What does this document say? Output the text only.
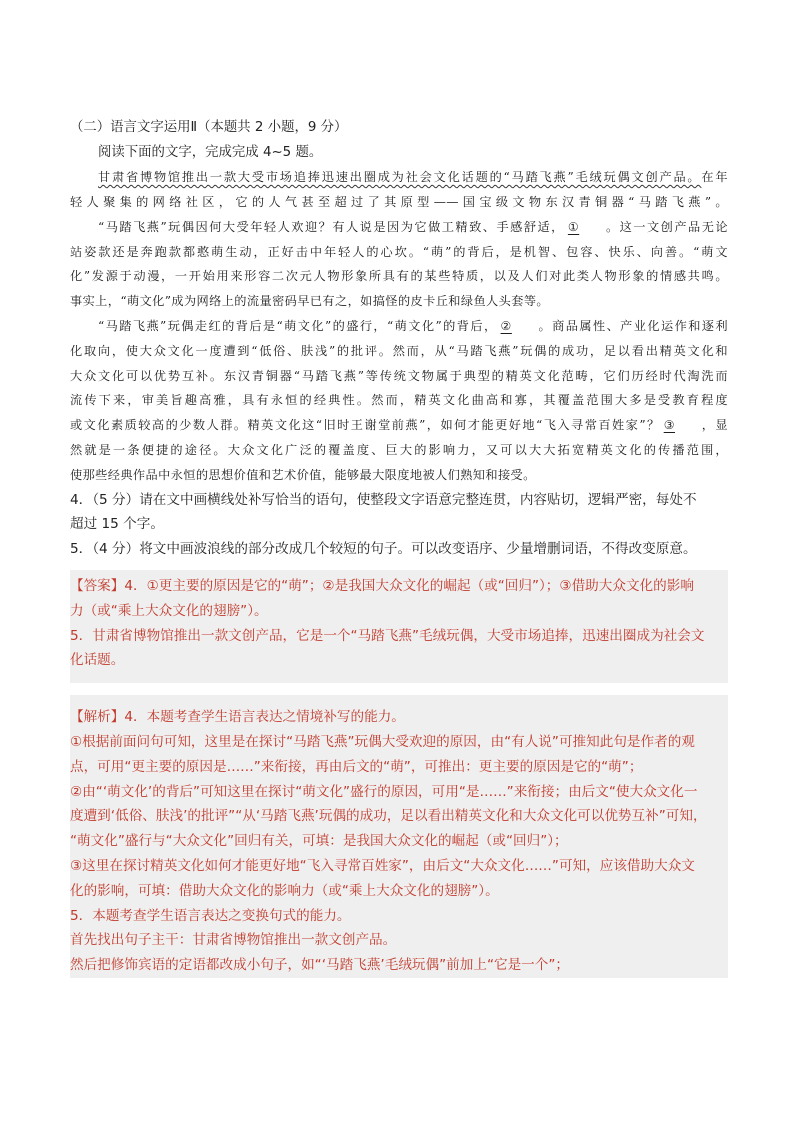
（二）语言文字运用Ⅱ（本题共 2 小题，9 分）
阅读下面的文字，完成完成 4~5 题。
甘肃省博物馆推出一款大受市场追捧迅速出圈成为社会文化话题的“马踏飞燕”毛绒玩偶文创产品。在年
轻人聚集的网络社区，它的人气甚至超过了其原型——国宝级文物东汉青铜器“马踏飞燕”。
“马踏飞燕”玩偶因何大受年轻人欢迎？有人说是因为它做工精致、手感舒适， ① 。这一文创产品无论
站姿款还是奔跑款都憨萌生动，正好击中年轻人的心坎。“萌”的背后，是机智、包容、快乐、向善。“萌文
化”发源于动漫，一开始用来形容二次元人物形象所具有的某些特质，以及人们对此类人物形象的情感共鸣。
事实上，“萌文化”成为网络上的流量密码早已有之，如搞怪的皮卡丘和绿鱼人头套等。
“马踏飞燕”玩偶走红的背后是“萌文化”的盛行，“萌文化”的背后， ② 。商品属性、产业化运作和逐利
化取向，使大众文化一度遭到“低俗、肤浅”的批评。然而，从“马踏飞燕”玩偶的成功，足以看出精英文化和
大众文化可以优势互补。东汉青铜器“马踏飞燕”等传统文物属于典型的精英文化范畴，它们历经时代淘洗而
流传下来，审美旨趣高雅，具有永恒的经典性。然而，精英文化曲高和寡，其覆盖范围大多是受教育程度
或文化素质较高的少数人群。精英文化这“旧时王谢堂前燕”，如何才能更好地“飞入寻常百姓家”？ ③ ，显
然就是一条便捷的途径。大众文化广泛的覆盖度、巨大的影响力，又可以大大拓宽精英文化的传播范围，
使那些经典作品中永恒的思想价值和艺术价值，能够最大限度地被人们熟知和接受。
4．（5 分）请在文中画横线处补写恰当的语句，使整段文字语意完整连贯，内容贴切，逻辑严密，每处不
超过 15 个字。
5．（4 分）将文中画波浪线的部分改成几个较短的句子。可以改变语序、少量增删词语，不得改变原意。
【答案】4．①更主要的原因是它的“萌”；②是我国大众文化的崛起（或“回归”）；③借助大众文化的影响
力（或“乘上大众文化的翅膀”）。
5．甘肃省博物馆推出一款文创产品，它是一个“马踏飞燕”毛绒玩偶，大受市场追捧，迅速出圈成为社会文
化话题。
【解析】4．本题考查学生语言表达之情境补写的能力。
①根据前面问句可知，这里是在探讨“马踏飞燕”玩偶大受欢迎的原因，由“有人说”可推知此句是作者的观
点，可用“更主要的原因是……”来衔接，再由后文的“萌”，可推出：更主要的原因是它的“萌”；
②由“‘萌文化’的背后”可知这里在探讨“萌文化”盛行的原因，可用“是……”来衔接；由后文“使大众文化一
度遭到‘低俗、肤浅’的批评”“从‘马踏飞燕’玩偶的成功，足以看出精英文化和大众文化可以优势互补”可知，
“萌文化”盛行与“大众文化”回归有关，可填：是我国大众文化的崛起（或“回归”）；
③这里在探讨精英文化如何才能更好地“飞入寻常百姓家”，由后文“大众文化……”可知，应该借助大众文
化的影响，可填：借助大众文化的影响力（或“乘上大众文化的翅膀”）。
5．本题考查学生语言表达之变换句式的能力。
首先找出句子主干：甘肃省博物馆推出一款文创产品。
然后把修饰宾语的定语都改成小句子，如“‘马踏飞燕’毛绒玩偶”前加上“它是一个”；
